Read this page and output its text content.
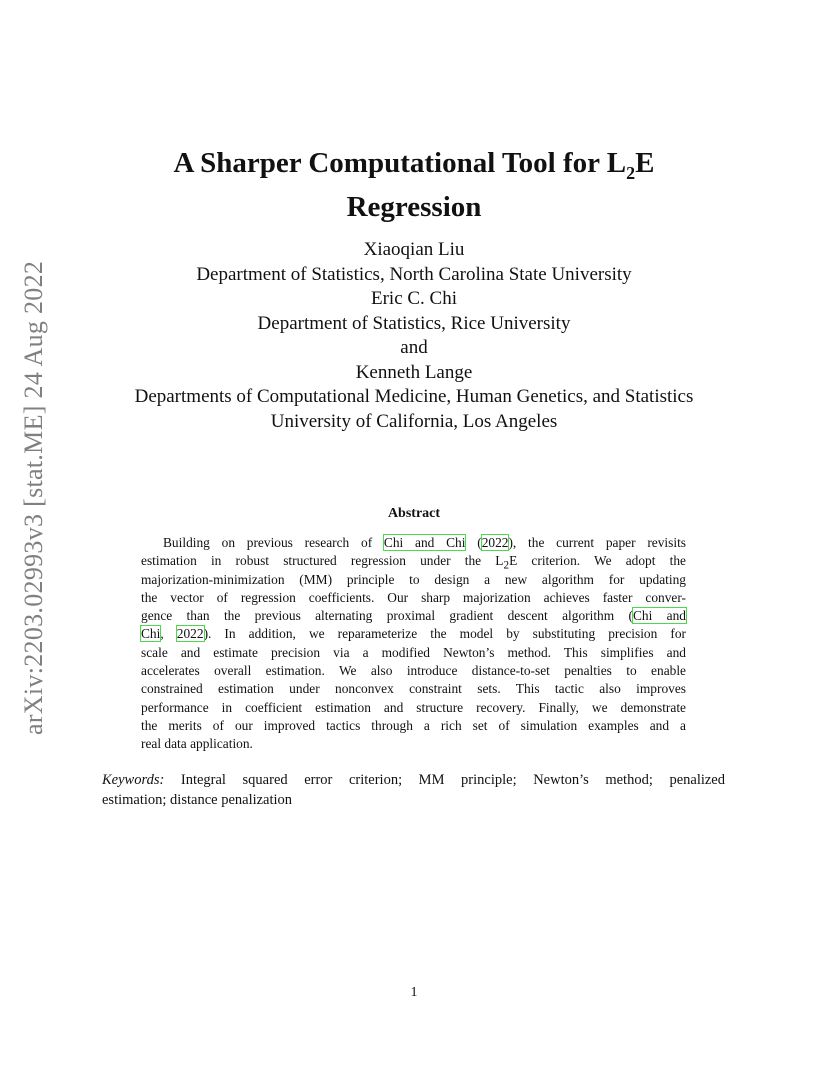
arXiv:2203.02993v3 [stat.ME] 24 Aug 2022
A Sharper Computational Tool for $L_2E$
Regression
Xiaoqian Liu
Department of Statistics, North Carolina State University
Eric C. Chi
Department of Statistics, Rice University
and
Kenneth Lange
Departments of Computational Medicine, Human Genetics, and Statistics
University of California, Los Angeles
Abstract
Building on previous research of Chi and Chi (2022), the current paper revisits
estimation in robust structured regression under the $L_2E$ criterion. We adopt the
majorization-minimization (MM) principle to design a new algorithm for updating
the vector of regression coefficients. Our sharp majorization achieves faster conver-
gence than the previous alternating proximal gradient descent algorithm (Chi and
Chi, 2022). In addition, we reparameterize the model by substituting precision for
scale and estimate precision via a modified Newton’s method. This simplifies and
accelerates overall estimation. We also introduce distance-to-set penalties to enable
constrained estimation under nonconvex constraint sets. This tactic also improves
performance in coefficient estimation and structure recovery. Finally, we demonstrate
the merits of our improved tactics through a rich set of simulation examples and a
real data application.
Keywords: Integral squared error criterion; MM principle; Newton’s method; penalized
estimation; distance penalization
1
